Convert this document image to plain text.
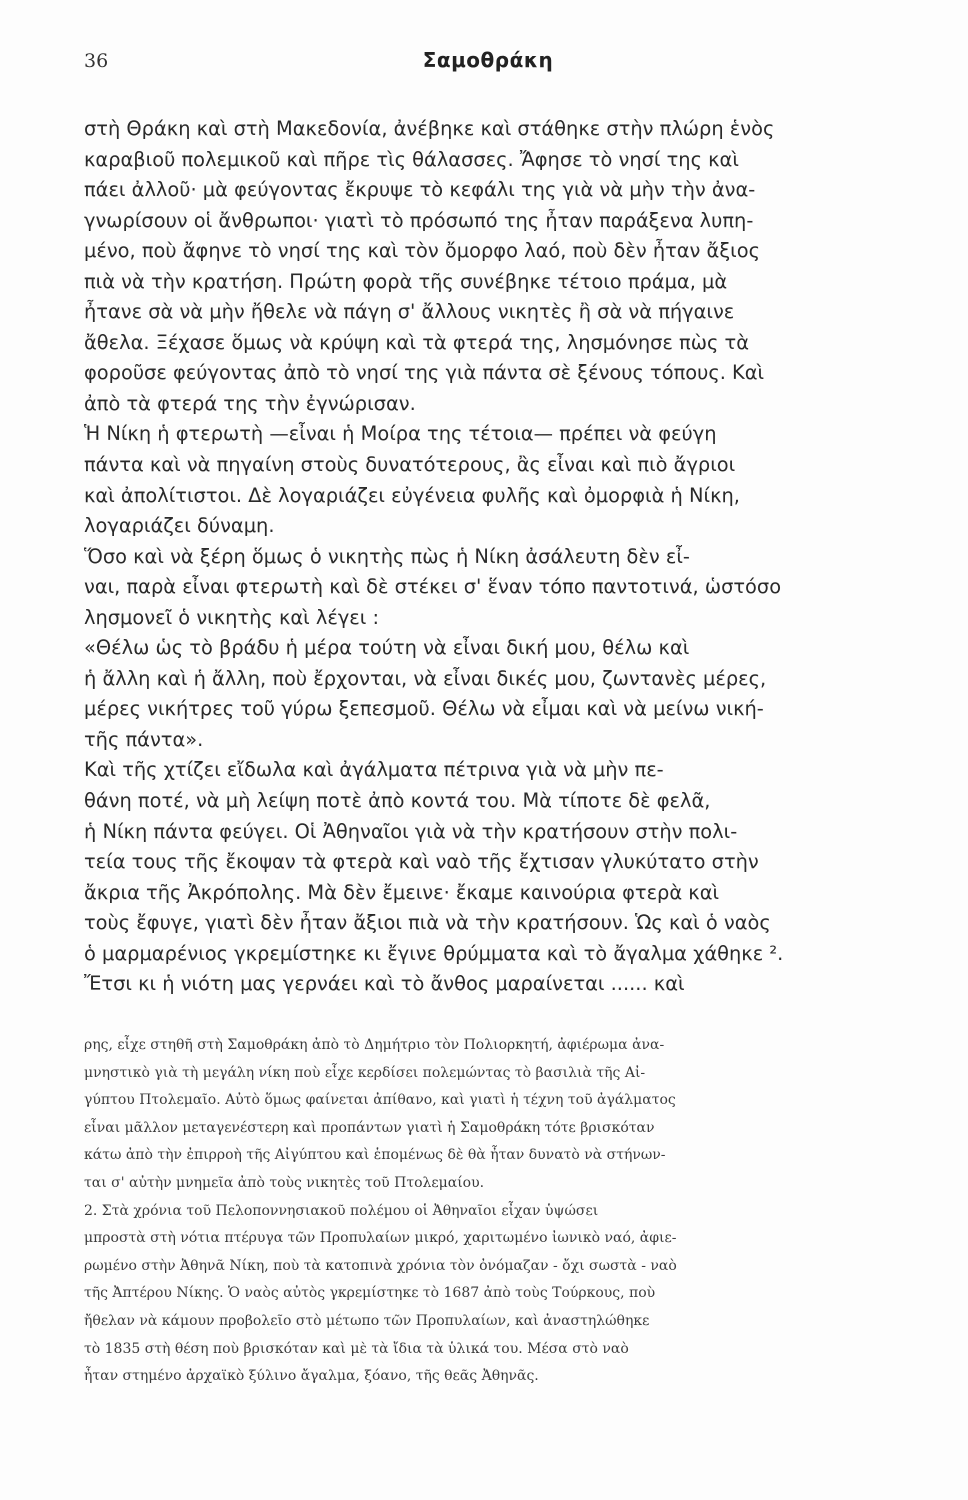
36	Σαμοθράκη
στὴ Θράκη καὶ στὴ Μακεδονία, ἀνέβηκε καὶ στάθηκε στὴν πλώρη ἑνὸς
καραβιοῦ πολεμικοῦ καὶ πῆρε τὶς θάλασσες. Ἄφησε τὸ νησί της καὶ
πάει ἀλλοῦ· μὰ φεύγοντας ἔκρυψε τὸ κεφάλι της γιὰ νὰ μὴν τὴν ἀνα-
γνωρίσουν οἱ ἄνθρωποι· γιατὶ τὸ πρόσωπό της ἦταν παράξενα λυπη-
μένο, ποὺ ἄφηνε τὸ νησί της καὶ τὸν ὄμορφο λαό, ποὺ δὲν ἦταν ἄξιος
πιὰ νὰ τὴν κρατήση. Πρώτη φορὰ τῆς συνέβηκε τέτοιο πράμα, μὰ
ἦτανε σὰ νὰ μὴν ἤθελε νὰ πάγη σ' ἄλλους νικητὲς ἢ σὰ νὰ πήγαινε
ἄθελα. Ξέχασε ὅμως νὰ κρύψη καὶ τὰ φτερά της, λησμόνησε πὼς τὰ
φοροῦσε φεύγοντας ἀπὸ τὸ νησί της γιὰ πάντα σὲ ξένους τόπους. Καὶ
ἀπὸ τὰ φτερά της τὴν ἐγνώρισαν.
Ἡ Νίκη ἡ φτερωτὴ —εἶναι ἡ Μοίρα της τέτοια— πρέπει νὰ φεύγη
πάντα καὶ νὰ πηγαίνη στοὺς δυνατότερους, ἂς εἶναι καὶ πιὸ ἄγριοι
καὶ ἀπολίτιστοι. Δὲ λογαριάζει εὐγένεια φυλῆς καὶ ὀμορφιὰ ἡ Νίκη,
λογαριάζει δύναμη.
Ὅσο καὶ νὰ ξέρη ὅμως ὁ νικητὴς πὼς ἡ Νίκη ἀσάλευτη δὲν εἶ-
ναι, παρὰ εἶναι φτερωτὴ καὶ δὲ στέκει σ' ἕναν τόπο παντοτινά, ὡστόσο
λησμονεῖ ὁ νικητὴς καὶ λέγει :
«Θέλω ὡς τὸ βράδυ ἡ μέρα τούτη νὰ εἶναι δική μου, θέλω καὶ
ἡ ἄλλη καὶ ἡ ἄλλη, ποὺ ἔρχονται, νὰ εἶναι δικές μου, ζωντανὲς μέρες,
μέρες νικήτρες τοῦ γύρω ξεπεσμοῦ. Θέλω νὰ εἶμαι καὶ νὰ μείνω νική-
τῆς πάντα».
Καὶ τῆς χτίζει εἴδωλα καὶ ἀγάλματα πέτρινα γιὰ νὰ μὴν πε-
θάνη ποτέ, νὰ μὴ λείψη ποτὲ ἀπὸ κοντά του. Μὰ τίποτε δὲ φελᾶ,
ἡ Νίκη πάντα φεύγει. Οἱ Ἀθηναῖοι γιὰ νὰ τὴν κρατήσουν στὴν πολι-
τεία τους τῆς ἔκοψαν τὰ φτερὰ καὶ ναὸ τῆς ἔχτισαν γλυκύτατο στὴν
ἄκρια τῆς Ἀκρόπολης. Μὰ δὲν ἔμεινε· ἔκαμε καινούρια φτερὰ καὶ
τοὺς ἔφυγε, γιατὶ δὲν ἦταν ἄξιοι πιὰ νὰ τὴν κρατήσουν. Ὡς καὶ ὁ ναὸς
ὁ μαρμαρένιος γκρεμίστηκε κι ἔγινε θρύμματα καὶ τὸ ἄγαλμα χάθηκε ².
Ἔτσι κι ἡ νιότη μας γερνάει καὶ τὸ ἄνθος μαραίνεται ...... καὶ
ρης, εἶχε στηθῆ στὴ Σαμοθράκη ἀπὸ τὸ Δημήτριο τὸν Πολιορκητή, ἀφιέρωμα ἀνα-
μνηστικὸ γιὰ τὴ μεγάλη νίκη ποὺ εἶχε κερδίσει πολεμώντας τὸ βασιλιὰ τῆς Αἰ-
γύπτου Πτολεμαῖο. Αὐτὸ ὅμως φαίνεται ἀπίθανο, καὶ γιατὶ ἡ τέχνη τοῦ ἀγάλματος
εἶναι μᾶλλον μεταγενέστερη καὶ προπάντων γιατὶ ἡ Σαμοθράκη τότε βρισκόταν
κάτω ἀπὸ τὴν ἐπιρροὴ τῆς Αἰγύπτου καὶ ἑπομένως δὲ θὰ ἦταν δυνατὸ νὰ στήνων-
ται σ' αὐτὴν μνημεῖα ἀπὸ τοὺς νικητὲς τοῦ Πτολεμαίου.
2. Στὰ χρόνια τοῦ Πελοποννησιακοῦ πολέμου οἱ Ἀθηναῖοι εἶχαν ὑψώσει
μπροστὰ στὴ νότια πτέρυγα τῶν Προπυλαίων μικρό, χαριτωμένο ἰωνικὸ ναό, ἀφιε-
ρωμένο στὴν Ἀθηνᾶ Νίκη, ποὺ τὰ κατοπινὰ χρόνια τὸν ὀνόμαζαν - ὄχι σωστὰ - ναὸ
τῆς Ἀπτέρου Νίκης. Ὁ ναὸς αὐτὸς γκρεμίστηκε τὸ 1687 ἀπὸ τοὺς Τούρκους, ποὺ
ἤθελαν νὰ κάμουν προβολεῖο στὸ μέτωπο τῶν Προπυλαίων, καὶ ἀναστηλώθηκε
τὸ 1835 στὴ θέση ποὺ βρισκόταν καὶ μὲ τὰ ἴδια τὰ ὑλικά του. Μέσα στὸ ναὸ
ἦταν στημένο ἀρχαϊκὸ ξύλινο ἄγαλμα, ξόανο, τῆς θεᾶς Ἀθηνᾶς.
